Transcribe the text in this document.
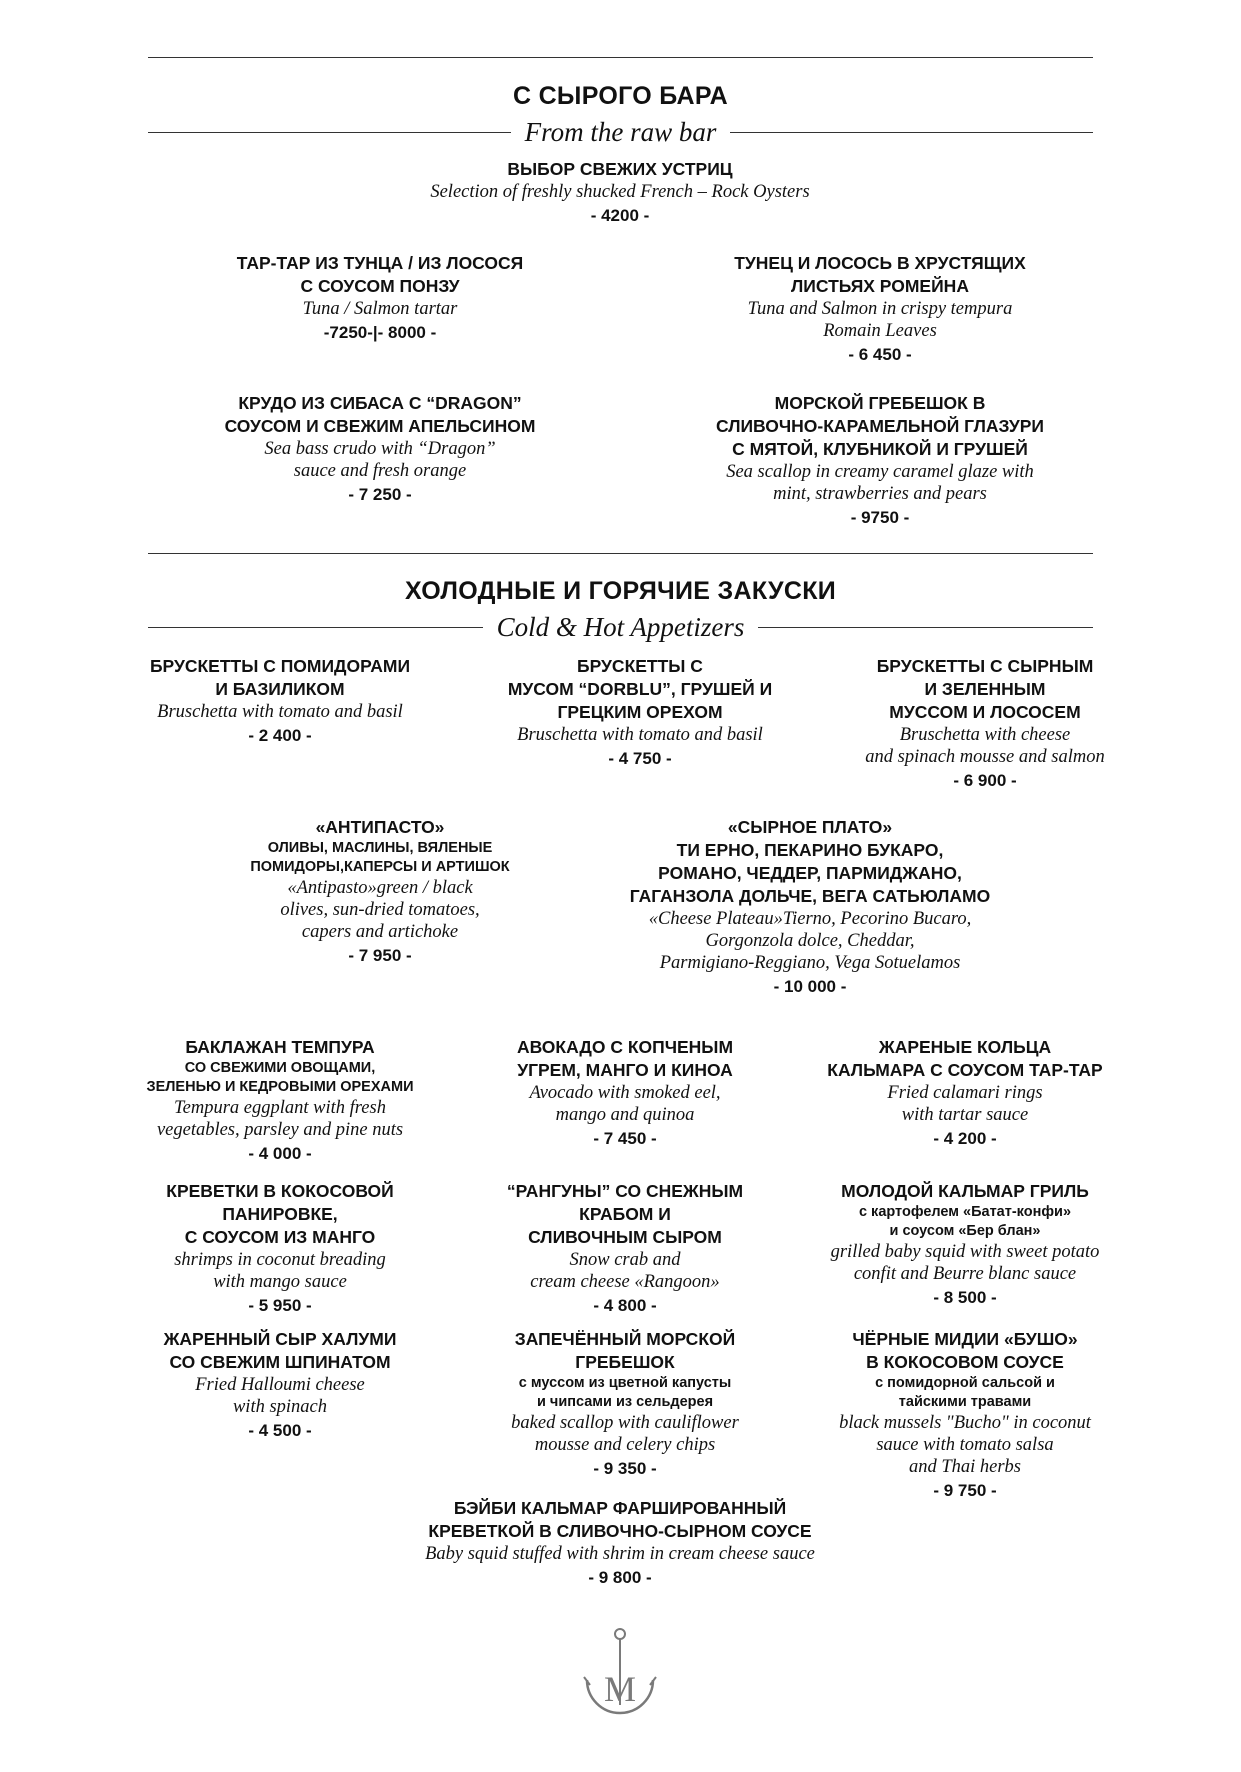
С СЫРОГО БАРА
From the raw bar
ВЫБОР СВЕЖИХ УСТРИЦ
Selection of freshly shucked French – Rock Oysters
- 4200 -
ТАР-ТАР ИЗ ТУНЦА / ИЗ ЛОСОСЯ
С СОУСОМ ПОНЗУ
Tuna / Salmon tartar
-7250-|- 8000 -
ТУНЕЦ И ЛОСОСЬ В ХРУСТЯЩИХ
ЛИСТЬЯХ РОМЕЙНА
Tuna and Salmon in crispy tempura
Romain Leaves
- 6 450 -
КРУДО ИЗ СИБАСА С “DRAGON”
СОУСОМ И СВЕЖИМ АПЕЛЬСИНОМ
Sea bass crudo with “Dragon”
sauce and fresh orange
- 7 250 -
МОРСКОЙ ГРЕБЕШОК В
СЛИВОЧНО-КАРАМЕЛЬНОЙ ГЛАЗУРИ
С МЯТОЙ, КЛУБНИКОЙ И ГРУШЕЙ
Sea scallop in creamy caramel glaze with
mint, strawberries and pears
- 9750 -
ХОЛОДНЫЕ И ГОРЯЧИЕ ЗАКУСКИ
Cold & Hot Appetizers
БРУСКЕТТЫ С ПОМИДОРАМИ
И БАЗИЛИКОМ
Bruschetta with tomato and basil
- 2 400 -
БРУСКЕТТЫ С
МУСОМ “DORBLU”, ГРУШЕЙ И
ГРЕЦКИМ ОРЕХОМ
Bruschetta with tomato and basil
- 4 750 -
БРУСКЕТТЫ С СЫРНЫМ
И ЗЕЛЕННЫМ
МУССОМ И ЛОСОСЕМ
Bruschetta with cheese
and spinach mousse and salmon
- 6 900 -
«АНТИПАСТО»
ОЛИВЫ, МАСЛИНЫ, ВЯЛЕНЫЕ
ПОМИДОРЫ,КАПЕРСЫ И АРТИШОК
«Antipasto»green / black
olives, sun-dried tomatoes,
capers and artichoke
- 7 950 -
«СЫРНОЕ ПЛАТО»
ТИ ЕРНО, ПЕКАРИНО БУКАРО,
РОМАНО, ЧЕДДЕР, ПАРМИДЖАНО,
ГАГАНЗОЛА ДОЛЬЧЕ, ВЕГА САТЬЮЛАМО
«Cheese Plateau»Tierno, Pecorino Bucaro,
Gorgonzola dolce, Cheddar,
Parmigiano-Reggiano, Vega Sotuelamos
- 10 000 -
БАКЛАЖАН ТЕМПУРА
СО СВЕЖИМИ ОВОЩАМИ,
ЗЕЛЕНЬЮ И КЕДРОВЫМИ ОРЕХАМИ
Tempura eggplant with fresh
vegetables, parsley and pine nuts
- 4 000 -
АВОКАДО С КОПЧЕНЫМ
УГРЕМ, МАНГО И КИНОА
Avocado with smoked eel,
mango and quinoa
- 7 450 -
ЖАРЕНЫЕ КОЛЬЦА
КАЛЬМАРА С СОУСОМ ТАР-ТАР
Fried calamari rings
with tartar sauce
- 4 200 -
КРЕВЕТКИ В КОКОСОВОЙ
ПАНИРОВКЕ,
С СОУСОМ ИЗ МАНГО
shrimps in coconut breading
with mango sauce
- 5 950 -
“РАНГУНЫ” СО СНЕЖНЫМ
КРАБОМ И
СЛИВОЧНЫМ СЫРОМ
Snow crab and
cream cheese «Rangoon»
- 4 800 -
МОЛОДОЙ КАЛЬМАР ГРИЛЬ
с картофелем «Батат-конфи»
и соусом «Бер блан»
grilled baby squid with sweet potato
confit and Beurre blanc sauce
- 8 500 -
ЖАРЕННЫЙ СЫР ХАЛУМИ
СО СВЕЖИМ ШПИНАТОМ
Fried Halloumi cheese
with spinach
- 4 500 -
ЗАПЕЧЁННЫЙ МОРСКОЙ
ГРЕБЕШОК
с муссом из цветной капусты
и чипсами из сельдерея
baked scallop with cauliflower
mousse and celery chips
- 9 350 -
ЧЁРНЫЕ МИДИИ «БУШО»
В КОКОСОВОМ СОУСЕ
с помидорной сальсой и
тайскими травами
black mussels "Bucho" in coconut
sauce with tomato salsa
and Thai herbs
- 9 750 -
БЭЙБИ КАЛЬМАР ФАРШИРОВАННЫЙ
КРЕВЕТКОЙ В СЛИВОЧНО-СЫРНОМ СОУСЕ
Baby squid stuffed with shrim in cream cheese sauce
- 9 800 -
M
